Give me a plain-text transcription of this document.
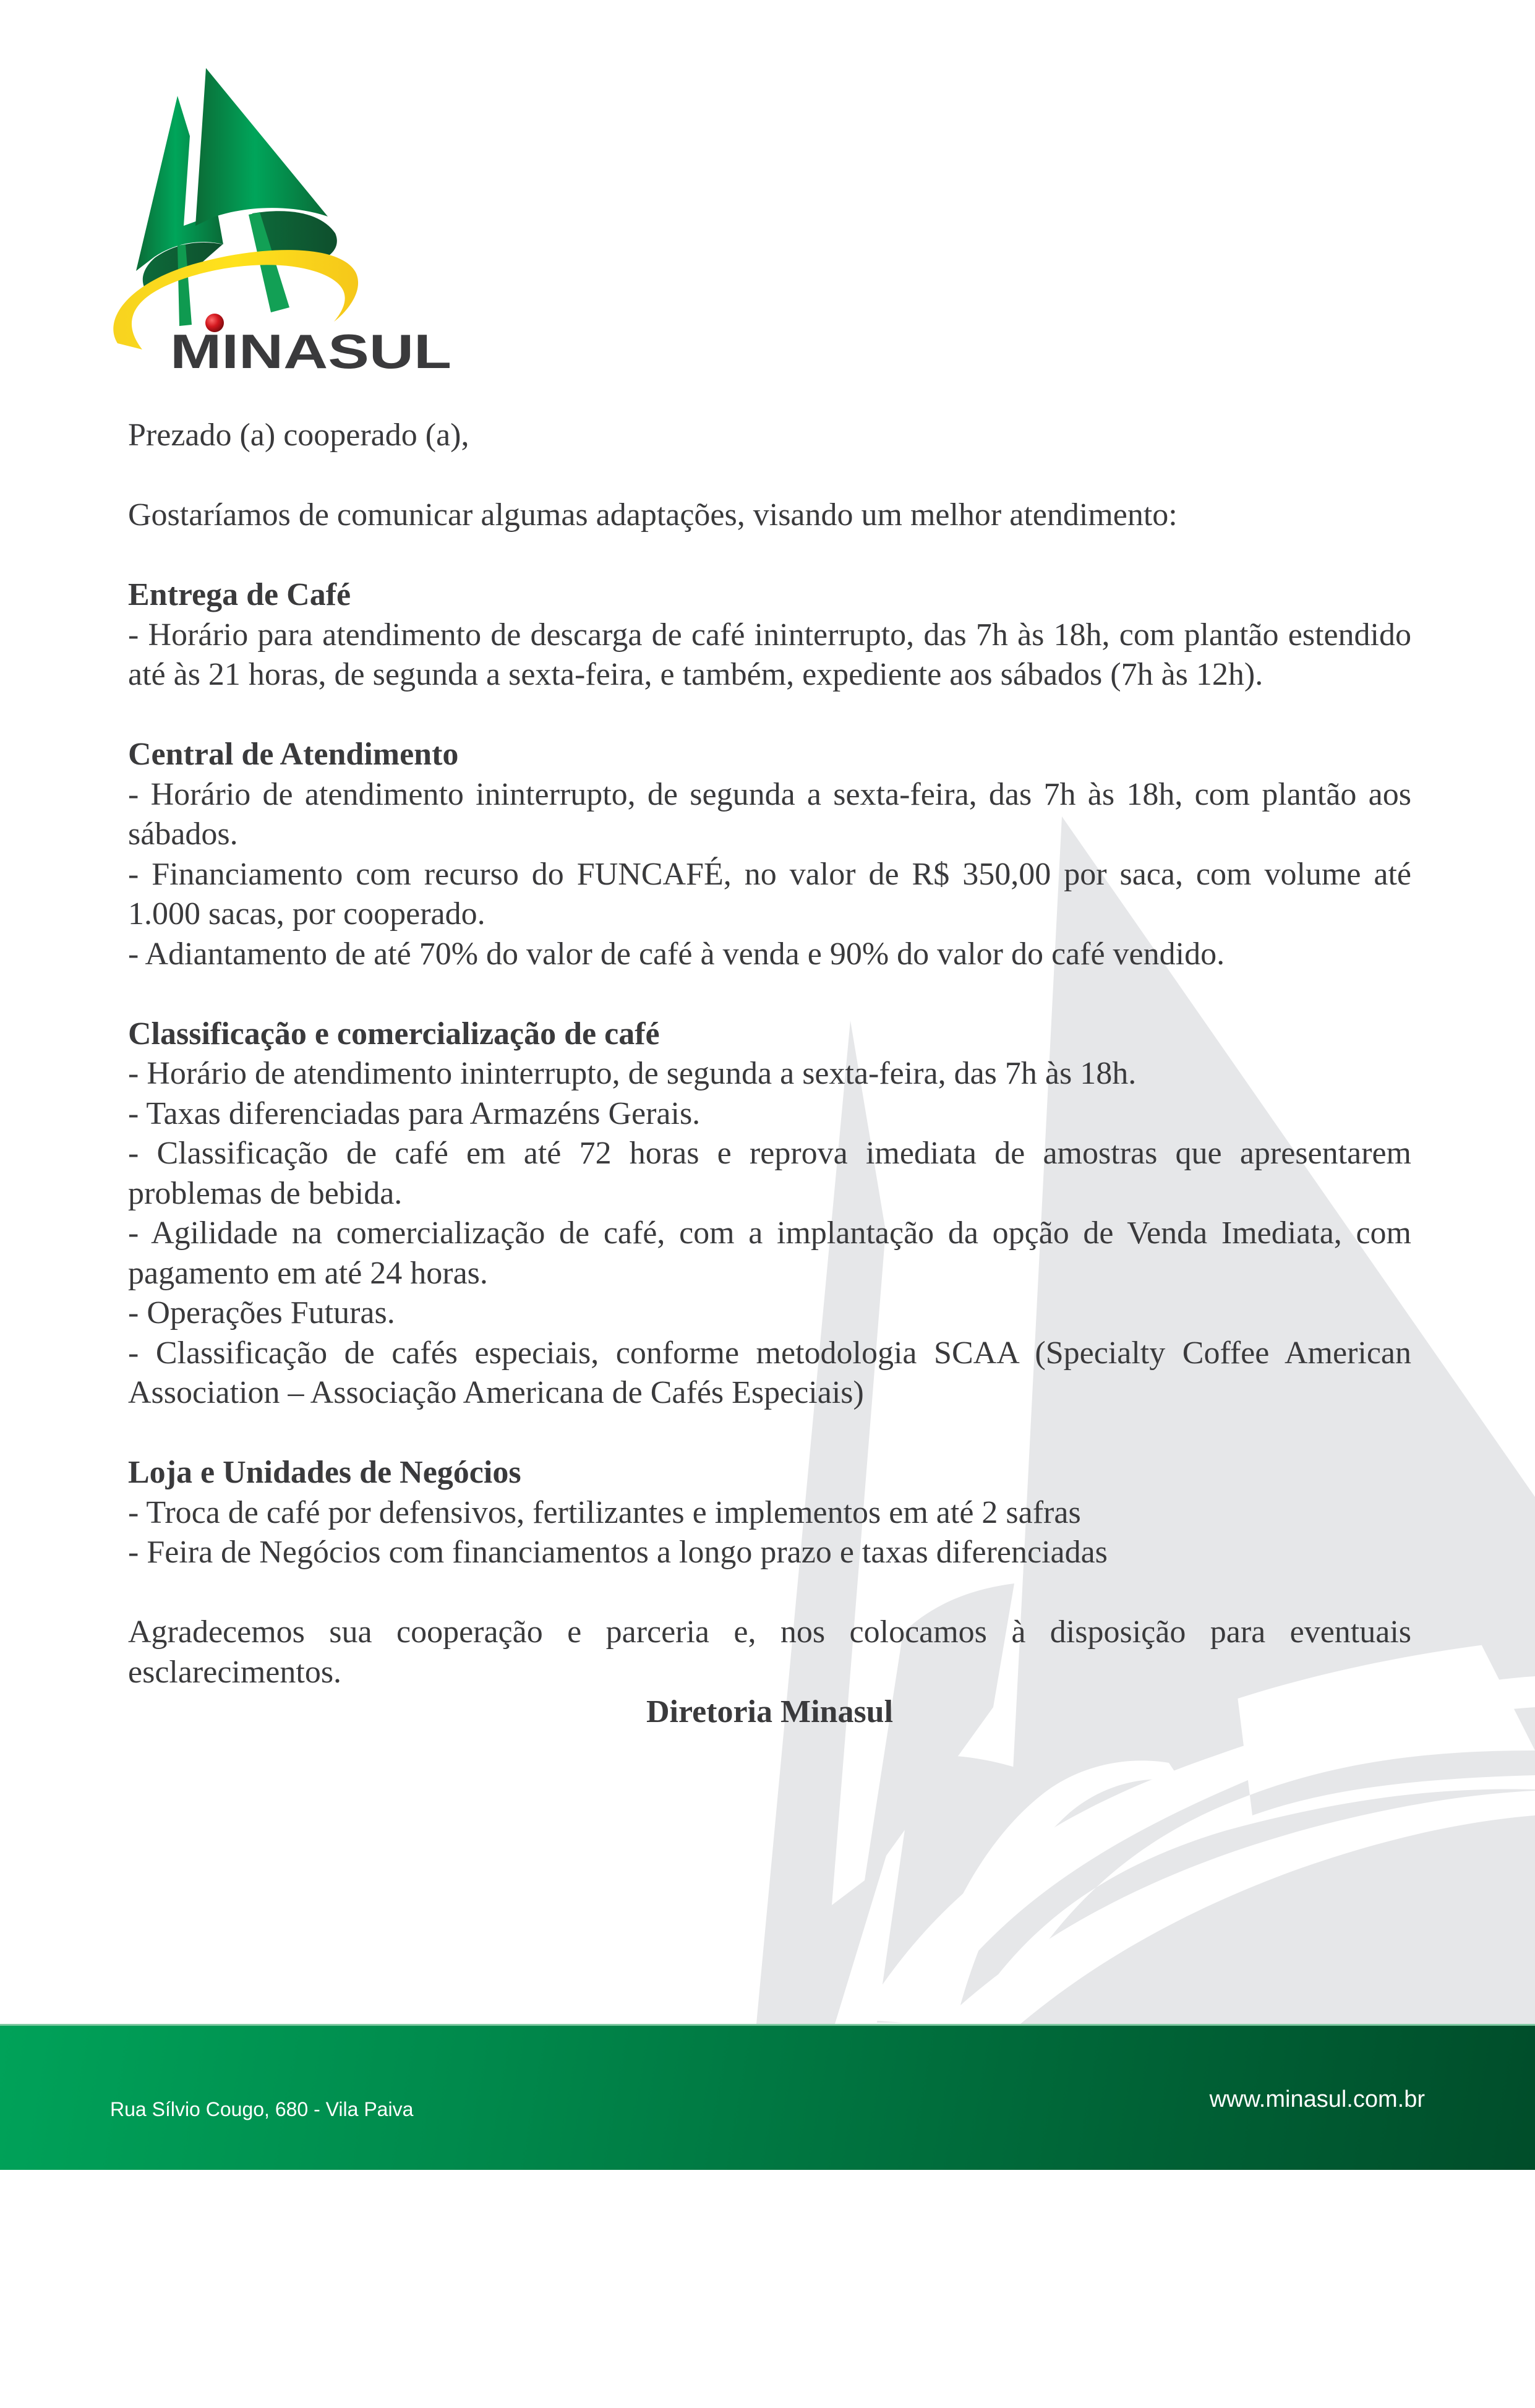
MINASUL

Prezado (a) cooperado (a),

Gostaríamos de comunicar algumas adaptações, visando um melhor atendimento:

Entrega de Café

- Horário para atendimento de descarga de café ininterrupto, das 7h às 18h, com plantão estendido até às 21 horas, de segunda a sexta-feira, e também, expediente aos sábados (7h às 12h).

Central de Atendimento

- Horário de atendimento ininterrupto, de segunda a sexta-feira, das 7h às 18h, com plantão aos sábados.

- Financiamento com recurso do FUNCAFÉ, no valor de R$ 350,00 por saca, com volume até 1.000 sacas, por cooperado.

- Adiantamento de até 70% do valor de café à venda e 90% do valor do café vendido.

Classificação e comercialização de café

- Horário de atendimento ininterrupto, de segunda a sexta-feira, das 7h às 18h.

- Taxas diferenciadas para Armazéns Gerais.

- Classificação de café em até 72 horas e reprova imediata de amostras que apresentarem problemas de bebida.

- Agilidade na comercialização de café, com a implantação da opção de Venda Imediata, com pagamento em até 24 horas.

- Operações Futuras.

- Classificação de cafés especiais, conforme metodologia SCAA (Specialty Coffee American Association – Associação Americana de Cafés Especiais)

Loja e Unidades de Negócios

- Troca de café por defensivos, fertilizantes e implementos em até 2 safras

- Feira de Negócios com financiamentos a longo prazo e taxas diferenciadas

Agradecemos sua cooperação e parceria e, nos colocamos à disposição para eventuais esclarecimentos.

Diretoria Minasul

Rua Sílvio Cougo, 680 - Vila Paiva

CEP  37018-020  -  Varginha  -  MG

Tel.: (35) 3219-6900

Fax: (35) 3219-6921

www.minasul.com.br
